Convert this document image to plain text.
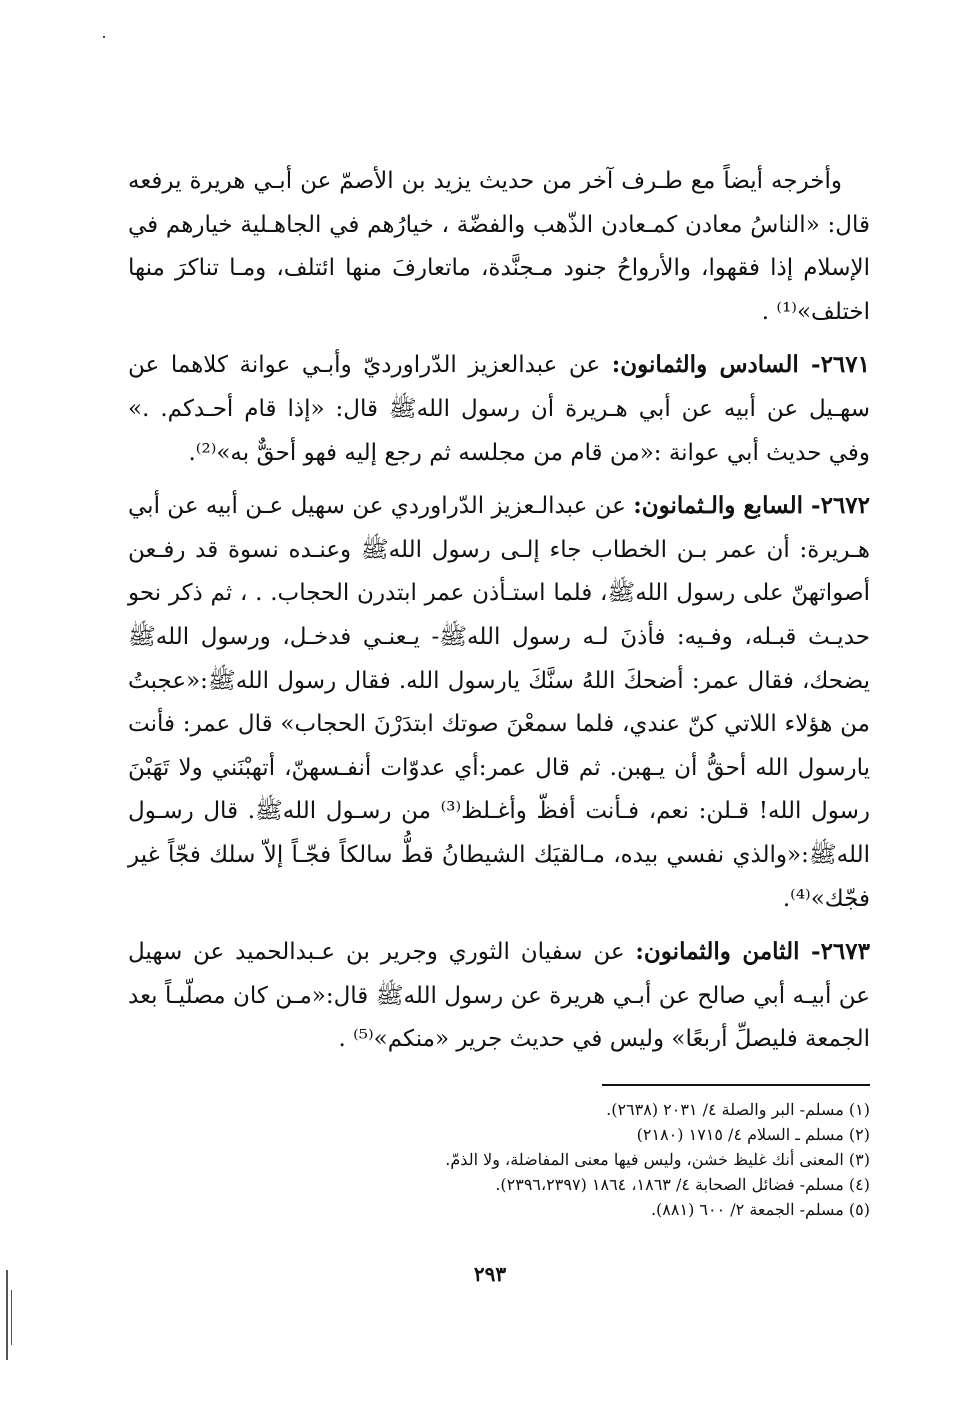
وأخرجه أيضاً مع طـرف آخر من حديث يزيد بن الأصمّ عن أبـي هريرة يرفعه قال: «الناسُ معادن كمـعادن الذّهب والفضّة ، خيارُهم في الجاهـلية خيارهم في الإسلام إذا فقهوا، والأرواحُ جنود مـجنَّدة، ماتعارفَ منها ائتلف، ومـا تناكرَ منها اختلف»⁽¹⁾ .

٢٦٧١- السادس والثمانون: عن عبدالعزيز الدّراورديّ وأبـي عوانة كلاهما عن سهـيل عن أبيه عن أبي هـريرة أن رسول اللهﷺ قال: «إذا قام أحـدكم. .» وفي حديث أبي عوانة :«من قام من مجلسه ثم رجع إليه فهو أحقٌّ به»⁽²⁾.

٢٦٧٢- السابع والـثمانون: عن عبدالـعزيز الدّراوردي عن سهيل عـن أبيه عن أبي هـريرة: أن عمر بـن الخطاب جاء إلـى رسول اللهﷺ وعنـده نسوة قد رفـعن أصواتهنّ على رسول اللهﷺ، فلما استـأذن عمر ابتدرن الحجاب. . ، ثم ذكر نحو حديـث قبـله، وفـيه: فأذنَ لـه رسول اللهﷺ- يـعنـي فدخـل، ورسول اللهﷺ يضحك، فقال عمر: أضحكَ اللهُ سنَّكَ يارسول الله. فقال رسول اللهﷺ:«عجبتُ من هؤلاء اللاتي كنّ عندي، فلما سمعْنَ صوتك ابتدَرْنَ الحجاب» قال عمر: فأنت يارسول الله أحقُّ أن يـهبن. ثم قال عمر:أي عدوّات أنفـسهنّ، أتهبْنَني ولا تَهَبْنَ رسول الله! قـلن: نعم، فـأنت أفظّ وأغـلظ⁽³⁾ من رسـول اللهﷺ. قال رسـول اللهﷺ:«والذي نفسي بيده، مـالقيَك الشيطانُ قطُّ سالكاً فجّـاً إلاّ سلك فجّاً غير فجّك»⁽⁴⁾.

٢٦٧٣- الثامن والثمانون: عن سفيان الثوري وجرير بن عـبدالحميد عن سهيل عن أبيـه أبي صالح عن أبـي هريرة عن رسول اللهﷺ قال:«مـن كان مصلّيـاً بعد الجمعة فليصلِّ أربعًا» وليس في حديث جرير «منكم»⁽⁵⁾ .

(١) مسلم- البر والصلة ٤/ ٢٠٣١ (٢٦٣٨).
(٢) مسلم ـ السلام ٤/ ١٧١٥ (٢١٨٠)
(٣) المعنى أنك غليظ خشن، وليس فيها معنى المفاضلة، ولا الذمّ.
(٤) مسلم- فضائل الصحابة ٤/ ١٨٦٣، ١٨٦٤ (٢٣٩٦،٢٣٩٧).
(٥) مسلم- الجمعة ٢/ ٦٠٠ (٨٨١).
٢٩٣
